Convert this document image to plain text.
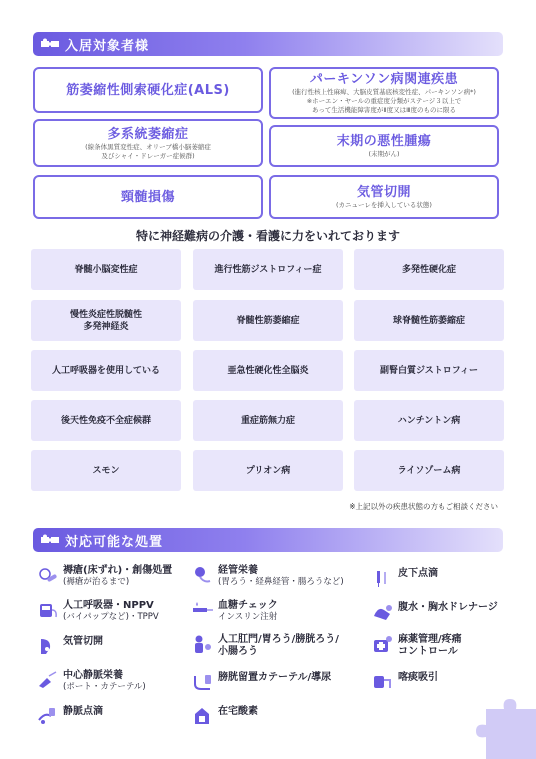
入居対象者様
筋萎縮性側索硬化症(ALS)
パーキンソン病関連疾患
(進行性核上性麻痺、大脳皮質基底核変性症、パーキンソン病*)
※ホーエン・ヤールの重症度分類がステージ３以上で
あって生活機能障害度がⅡ度又はⅢ度のものに限る
多系統萎縮症
(線条体黒質変性症、オリーブ橋小脳萎縮症
及びシャイ・ドレーガー症候群)
末期の悪性腫瘍
(末期がん)
頸髄損傷	気管切開
(カニューレを挿入している状態)
特に神経難病の介護・看護に力をいれております
脊髄小脳変性症	進行性筋ジストロフィー症	多発性硬化症
慢性炎症性脱髄性
多発神経炎
脊髄性筋萎縮症	球脊髄性筋萎縮症
人工呼吸器を使用している	亜急性硬化性全脳炎	副腎白質ジストロフィー
後天性免疫不全症候群	重症筋無力症	ハンチントン病
スモン	プリオン病	ライソゾーム病
※上記以外の疾患状態の方もご相談ください
対応可能な処置
褥瘡(床ずれ)・創傷処置
(褥瘡が治るまで)
経管栄養
(胃ろう・経鼻経管・腸ろうなど)
皮下点滴
人工呼吸器・NPPV
(バイパップなど)・TPPV
血糖チェック
インスリン注射
腹水・胸水ドレナージ
気管切開	人工肛門/胃ろう/膀胱ろう/
小腸ろう
麻薬管理/疼痛
コントロール
中心静脈栄養
(ポート・カテーテル)
膀胱留置カテーテル/導尿	喀痰吸引
静脈点滴	在宅酸素
